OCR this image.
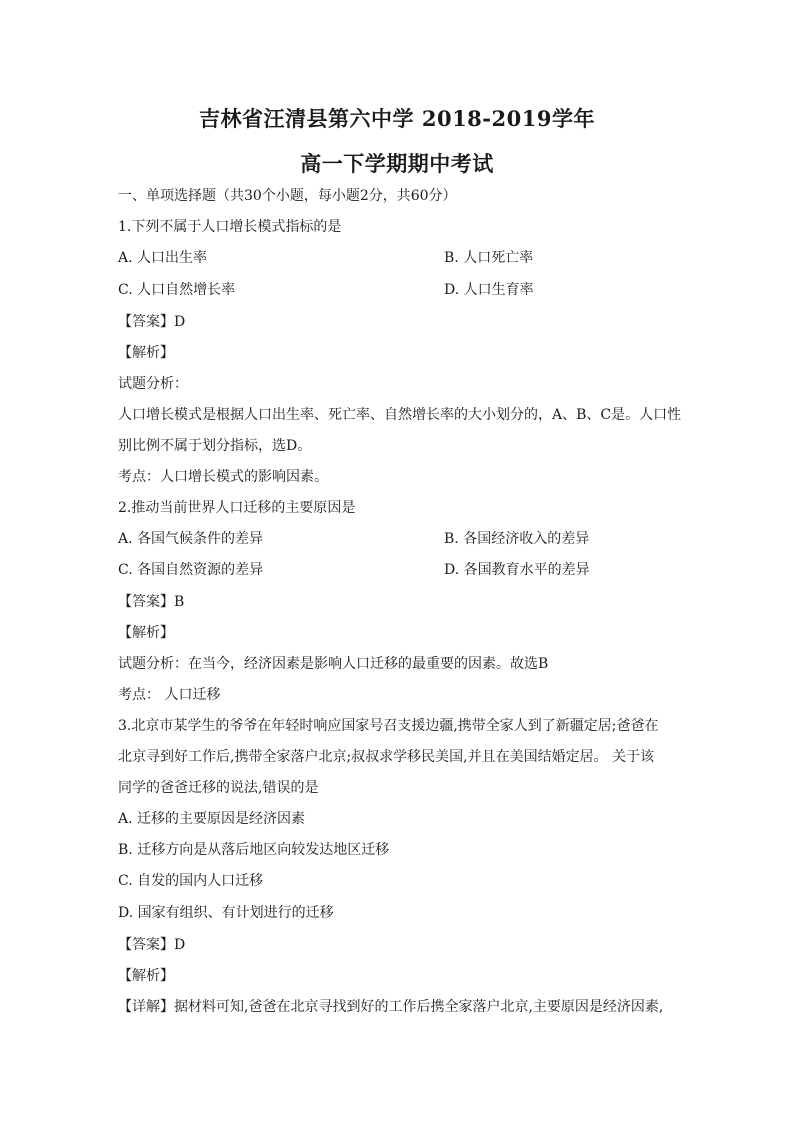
吉林省汪清县第六中学 2018-2019学年
高一下学期期中考试
一、单项选择题（共30个小题，每小题2分，共60分）
1.下列不属于人口增长模式指标的是
A. 人口出生率	B. 人口死亡率
C. 人口自然增长率	D. 人口生育率
【答案】D
【解析】
试题分析：
人口增长模式是根据人口出生率、死亡率、自然增长率的大小划分的，A、B、C是。人口性
别比例不属于划分指标，选D。
考点：人口增长模式的影响因素。
2.推动当前世界人口迁移的主要原因是
A. 各国气候条件的差异	B. 各国经济收入的差异
C. 各国自然资源的差异	D. 各国教育水平的差异
【答案】B
【解析】
试题分析：在当今，经济因素是影响人口迁移的最重要的因素。故选B
考点： 人口迁移
3.北京市某学生的爷爷在年轻时响应国家号召支援边疆,携带全家人到了新疆定居;爸爸在
北京寻到好工作后,携带全家落户北京;叔叔求学移民美国,并且在美国结婚定居。 关于该
同学的爸爸迁移的说法,错误的是
A. 迁移的主要原因是经济因素
B. 迁移方向是从落后地区向较发达地区迁移
C. 自发的国内人口迁移
D. 国家有组织、有计划进行的迁移
【答案】D
【解析】
【详解】据材料可知,爸爸在北京寻找到好的工作后携全家落户北京,主要原因是经济因素,
